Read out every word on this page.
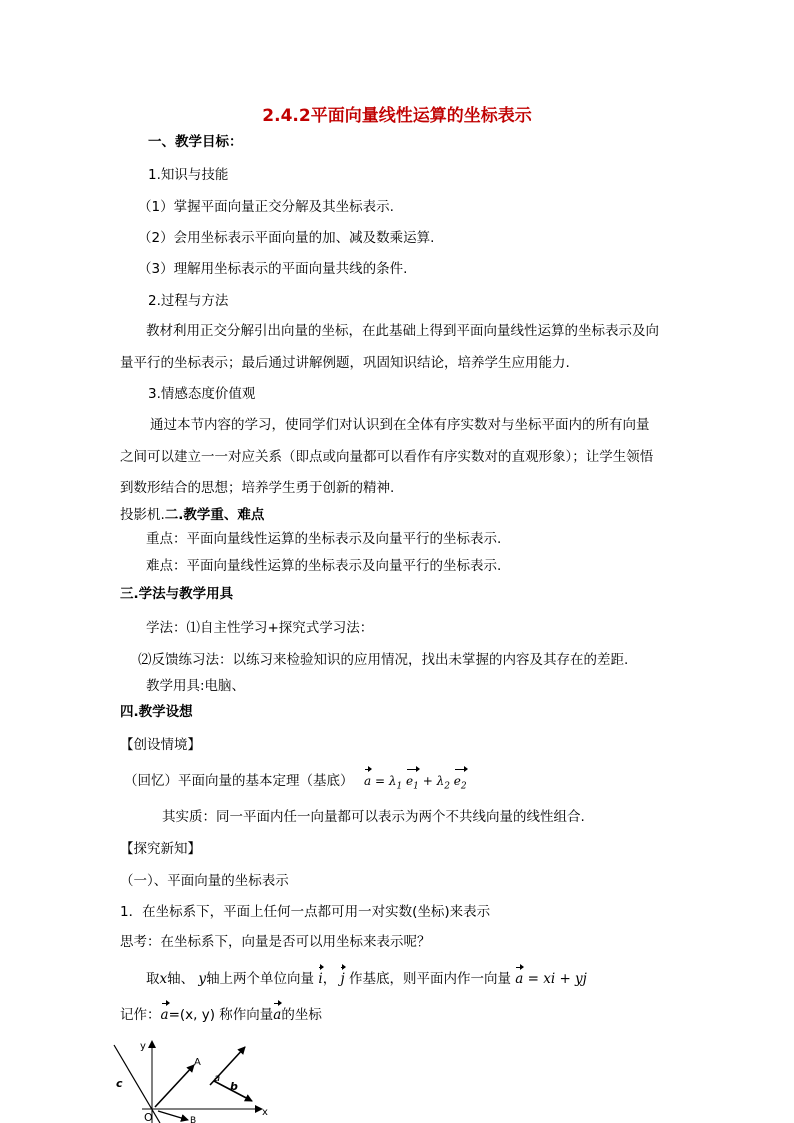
2.4.2平面向量线性运算的坐标表示
一、教学目标：
1.知识与技能
（1）掌握平面向量正交分解及其坐标表示.
（2）会用坐标表示平面向量的加、减及数乘运算.
（3）理解用坐标表示的平面向量共线的条件.
2.过程与方法
教材利用正交分解引出向量的坐标，在此基础上得到平面向量线性运算的坐标表示及向
量平行的坐标表示；最后通过讲解例题，巩固知识结论，培养学生应用能力.
3.情感态度价值观
通过本节内容的学习，使同学们对认识到在全体有序实数对与坐标平面内的所有向量
之间可以建立一一对应关系（即点或向量都可以看作有序实数对的直观形象）；让学生领悟
到数形结合的思想；培养学生勇于创新的精神.
投影机.二.教学重、难点
重点：平面向量线性运算的坐标表示及向量平行的坐标表示.
难点：平面向量线性运算的坐标表示及向量平行的坐标表示.
三.学法与教学用具
学法：⑴自主性学习+探究式学习法：
⑵反馈练习法：以练习来检验知识的应用情况，找出未掌握的内容及其存在的差距.
教学用具:电脑、
四.教学设想
【创设情境】
（回忆）平面向量的基本定理（基底） $a = \lambda_1$ $e_1 + \lambda_2$ $e_2$
其实质：同一平面内任一向量都可以表示为两个不共线向量的线性组合.
【探究新知】
（一）、平面向量的坐标表示
1．在坐标系下，平面上任何一点都可用一对实数(坐标)来表示
思考：在坐标系下，向量是否可以用坐标来表示呢？
取x轴、 y轴上两个单位向量 i， j 作基底，则平面内作一向量 a = xi + yj
记作：a=(x, y) 称作向量a的坐标
y
x
A
O
a
b
c
B
